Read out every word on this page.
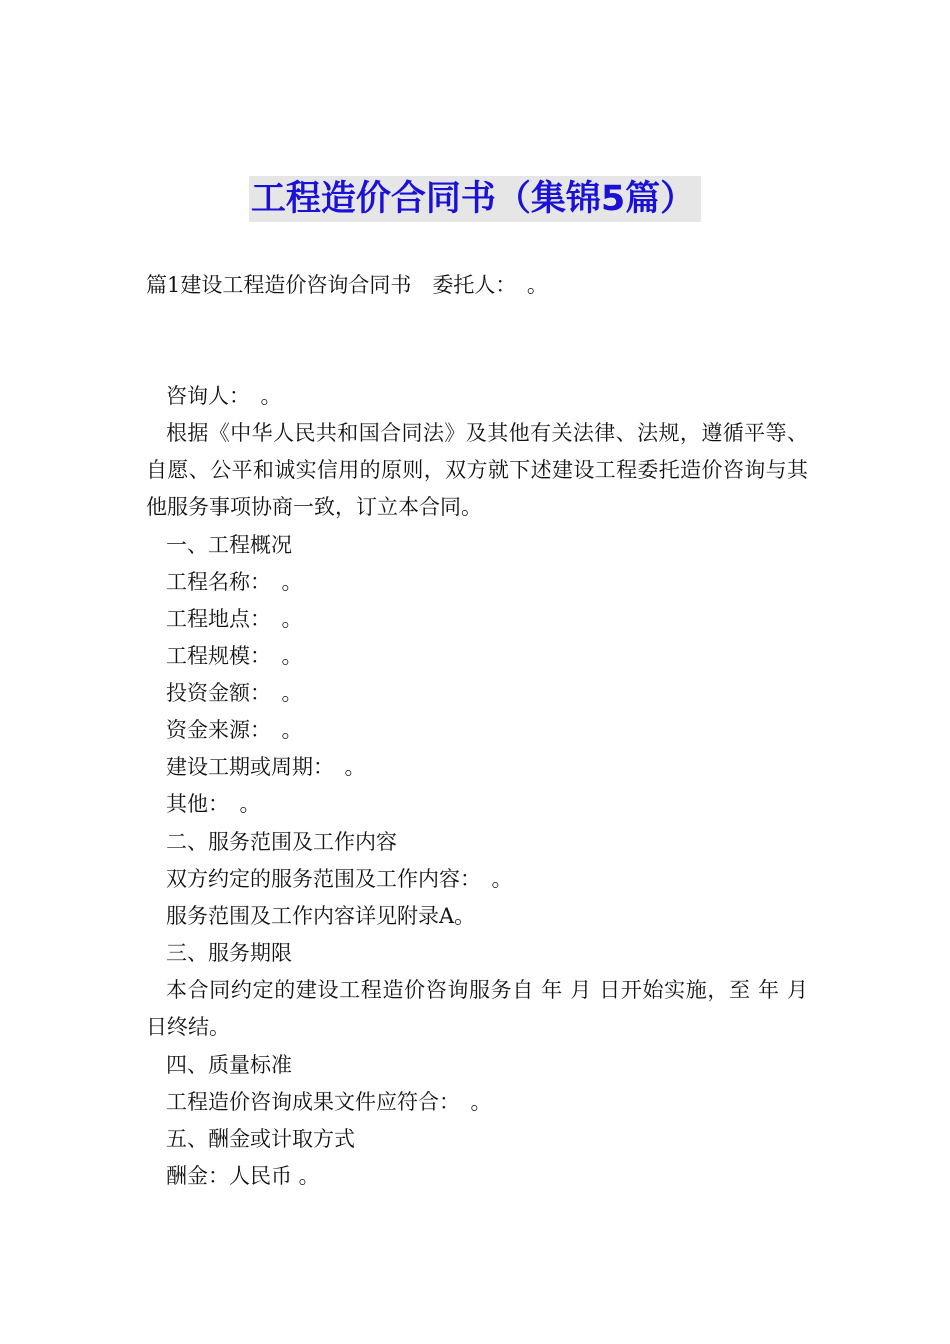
工程造价合同书（集锦5篇）
篇1建设工程造价咨询合同书　委托人：　。
咨询人：　。
根据《中华人民共和国合同法》及其他有关法律、法规，遵循平等、自愿、公平和诚实信用的原则，双方就下述建设工程委托造价咨询与其他服务事项协商一致，订立本合同。
一、工程概况
工程名称：　。
工程地点：　。
工程规模：　。
投资金额：　。
资金来源：　。
建设工期或周期：　。
其他：　。
二、服务范围及工作内容
双方约定的服务范围及工作内容：　。
服务范围及工作内容详见附录A。
三、服务期限
本合同约定的建设工程造价咨询服务自 年 月 日开始实施，至 年 月 日终结。
四、质量标准
工程造价咨询成果文件应符合：　。
五、酬金或计取方式
酬金：人民币 。
